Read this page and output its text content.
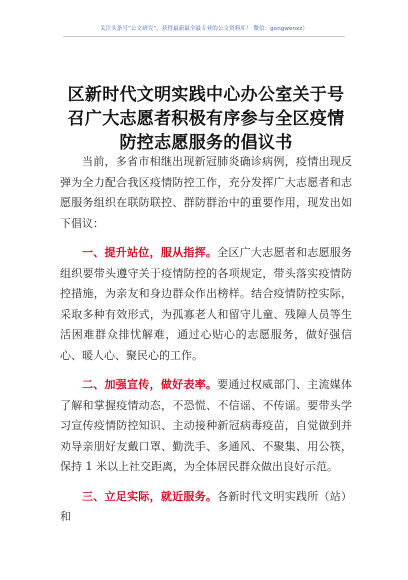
关注头条号“公文研究”，获得最新最全最专业的公文资料库！ 微信：gongwenxz）
区新时代文明实践中心办公室关于号召广大志愿者积极有序参与全区疫情防控志愿服务的倡议书

当前，多省市相继出现新冠肺炎确诊病例，疫情出现反弹为全力配合我区疫情防控工作，充分发挥广大志愿者和志愿服务组织在联防联控、群防群治中的重要作用，现发出如下倡议：

一、提升站位，服从指挥。全区广大志愿者和志愿服务组织要带头遵守关于疫情防控的各项规定，带头落实疫情防控措施，为亲友和身边群众作出榜样。结合疫情防控实际，采取多种有效形式，为孤寡老人和留守儿童、残障人员等生活困难群众排忧解难，通过心贴心的志愿服务，做好强信心、暖人心、聚民心的工作。

二、加强宣传，做好表率。要通过权威部门、主流媒体了解和掌握疫情动态，不恐慌、不信谣、不传谣。要带头学习宣传疫情防控知识、主动接种新冠病毒疫苗，自觉做到并劝导亲朋好友戴口罩、勤洗手、多通风、不聚集、用公筷，保持 1 米以上社交距离，为全体居民群众做出良好示范。

三、立足实际，就近服务。各新时代文明实践所（站）和
